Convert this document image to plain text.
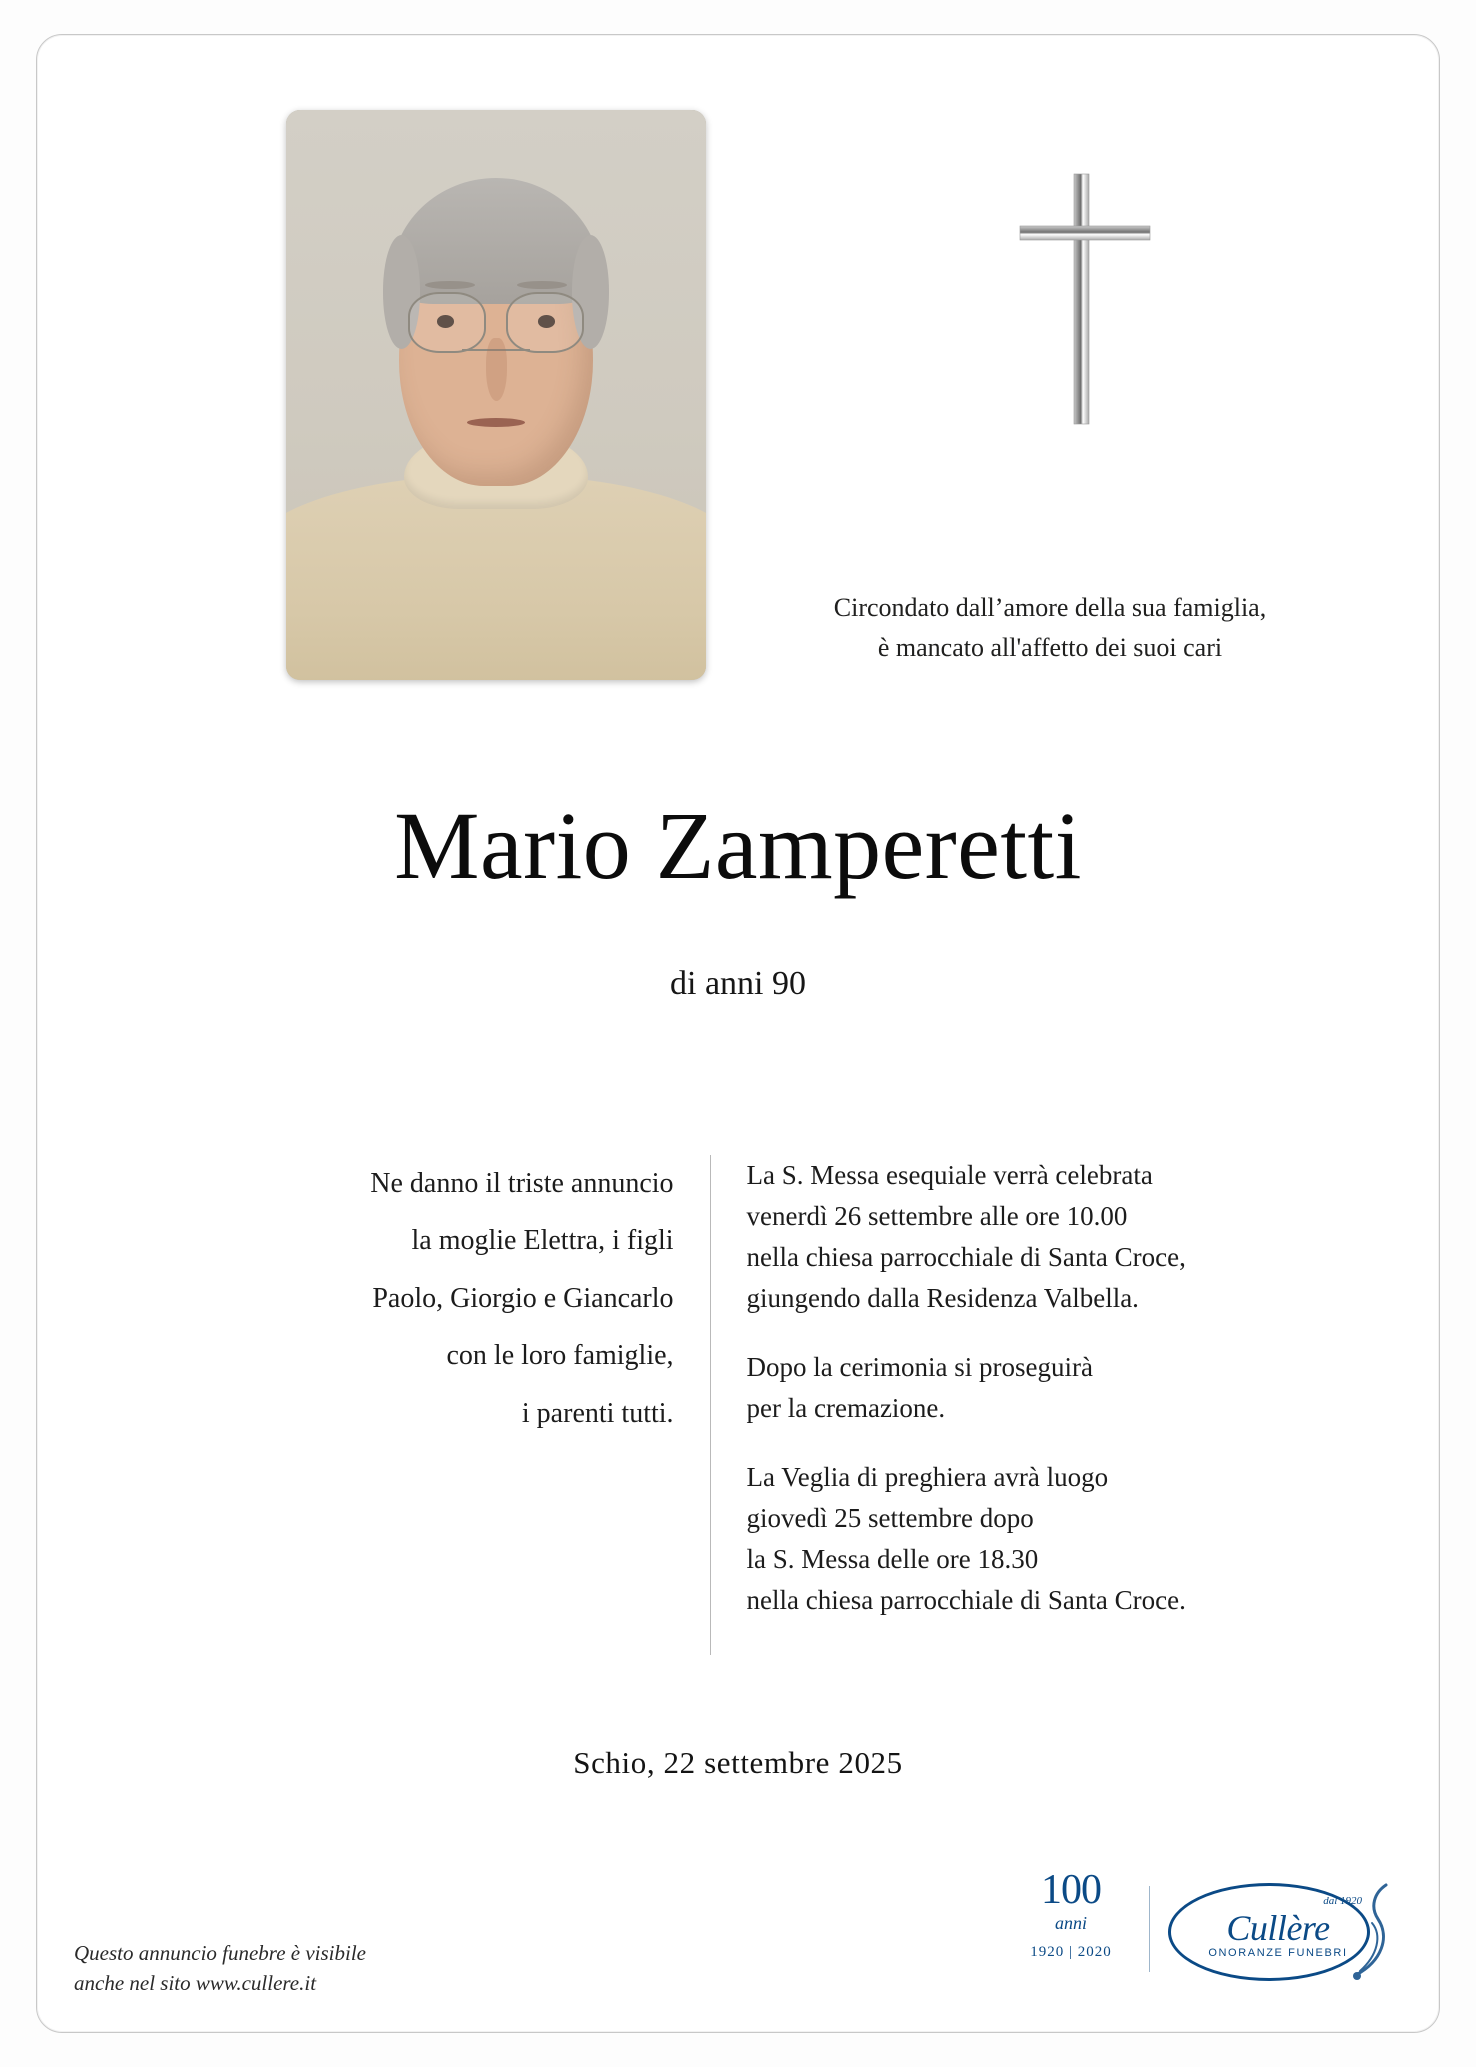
Circondato dall’amore della sua famiglia,
è mancato all'affetto dei suoi cari
Mario Zamperetti
di anni 90
Ne danno il triste annuncio
la moglie Elettra, i figli
Paolo, Giorgio e Giancarlo
con le loro famiglie,
i parenti tutti.
La S. Messa esequiale verrà celebrata
venerdì 26 settembre alle ore 10.00
nella chiesa parrocchiale di Santa Croce,
giungendo dalla Residenza Valbella.
Dopo la cerimonia si proseguirà
per la cremazione.
La Veglia di preghiera avrà luogo
giovedì 25 settembre dopo
la S. Messa delle ore 18.30
nella chiesa parrocchiale di Santa Croce.
Schio, 22 settembre 2025
Questo annuncio funebre è visibile
anche nel sito www.cullere.it
100
anni
1920 | 2020
dal 1920
Cullère
ONORANZE FUNEBRI
